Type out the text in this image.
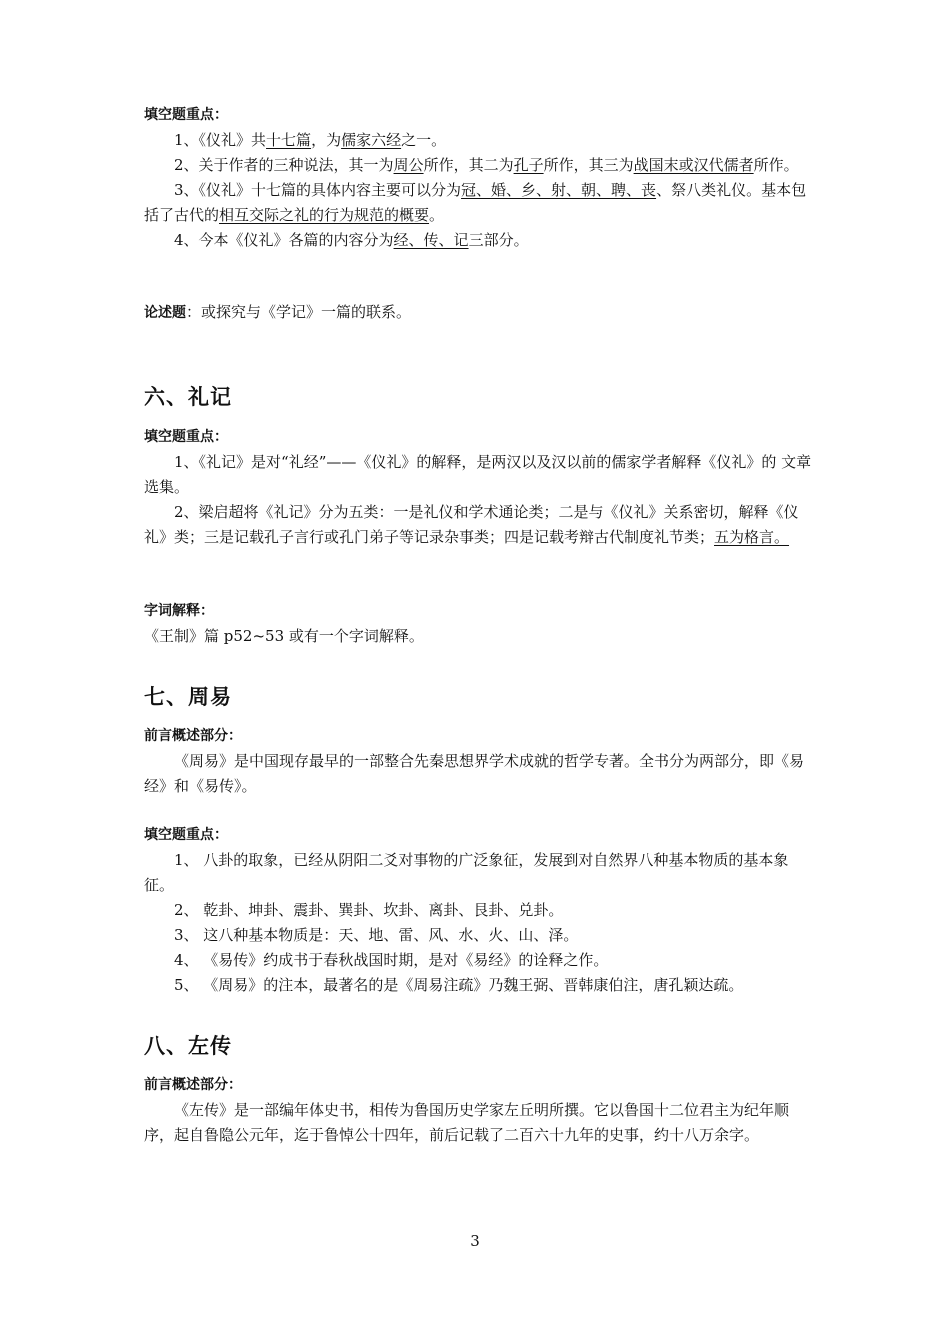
填空题重点：

1、《仪礼》共十七篇，为儒家六经之一。

2、关于作者的三种说法，其一为周公所作，其二为孔子所作，其三为战国末或汉代儒者所作。

3、《仪礼》十七篇的具体内容主要可以分为冠、婚、乡、射、朝、聘、丧、祭八类礼仪。基本包括了古代的相互交际之礼的行为规范的概要。

4、今本《仪礼》各篇的内容分为经、传、记三部分。

论述题：或探究与《学记》一篇的联系。

六、礼记

填空题重点：

1、《礼记》是对“礼经”——《仪礼》的解释，是两汉以及汉以前的儒家学者解释《仪礼》的 文章选集。

2、梁启超将《礼记》分为五类：一是礼仪和学术通论类；二是与《仪礼》关系密切，解释《仪礼》类；三是记载孔子言行或孔门弟子等记录杂事类；四是记载考辩古代制度礼节类；五为格言。

字词解释：

《王制》篇 p52~53 或有一个字词解释。

七、周易

前言概述部分：

《周易》是中国现存最早的一部整合先秦思想界学术成就的哲学专著。全书分为两部分，即《易经》和《易传》。

填空题重点：

1、 八卦的取象，已经从阴阳二爻对事物的广泛象征，发展到对自然界八种基本物质的基本象征。

2、 乾卦、坤卦、震卦、巽卦、坎卦、离卦、艮卦、兑卦。

3、 这八种基本物质是：天、地、雷、风、水、火、山、泽。

4、 《易传》约成书于春秋战国时期，是对《易经》的诠释之作。

5、 《周易》的注本，最著名的是《周易注疏》乃魏王弼、晋韩康伯注，唐孔颖达疏。

八、左传

前言概述部分：

《左传》是一部编年体史书，相传为鲁国历史学家左丘明所撰。它以鲁国十二位君主为纪年顺序，起自鲁隐公元年，迄于鲁悼公十四年，前后记载了二百六十九年的史事，约十八万余字。

3
